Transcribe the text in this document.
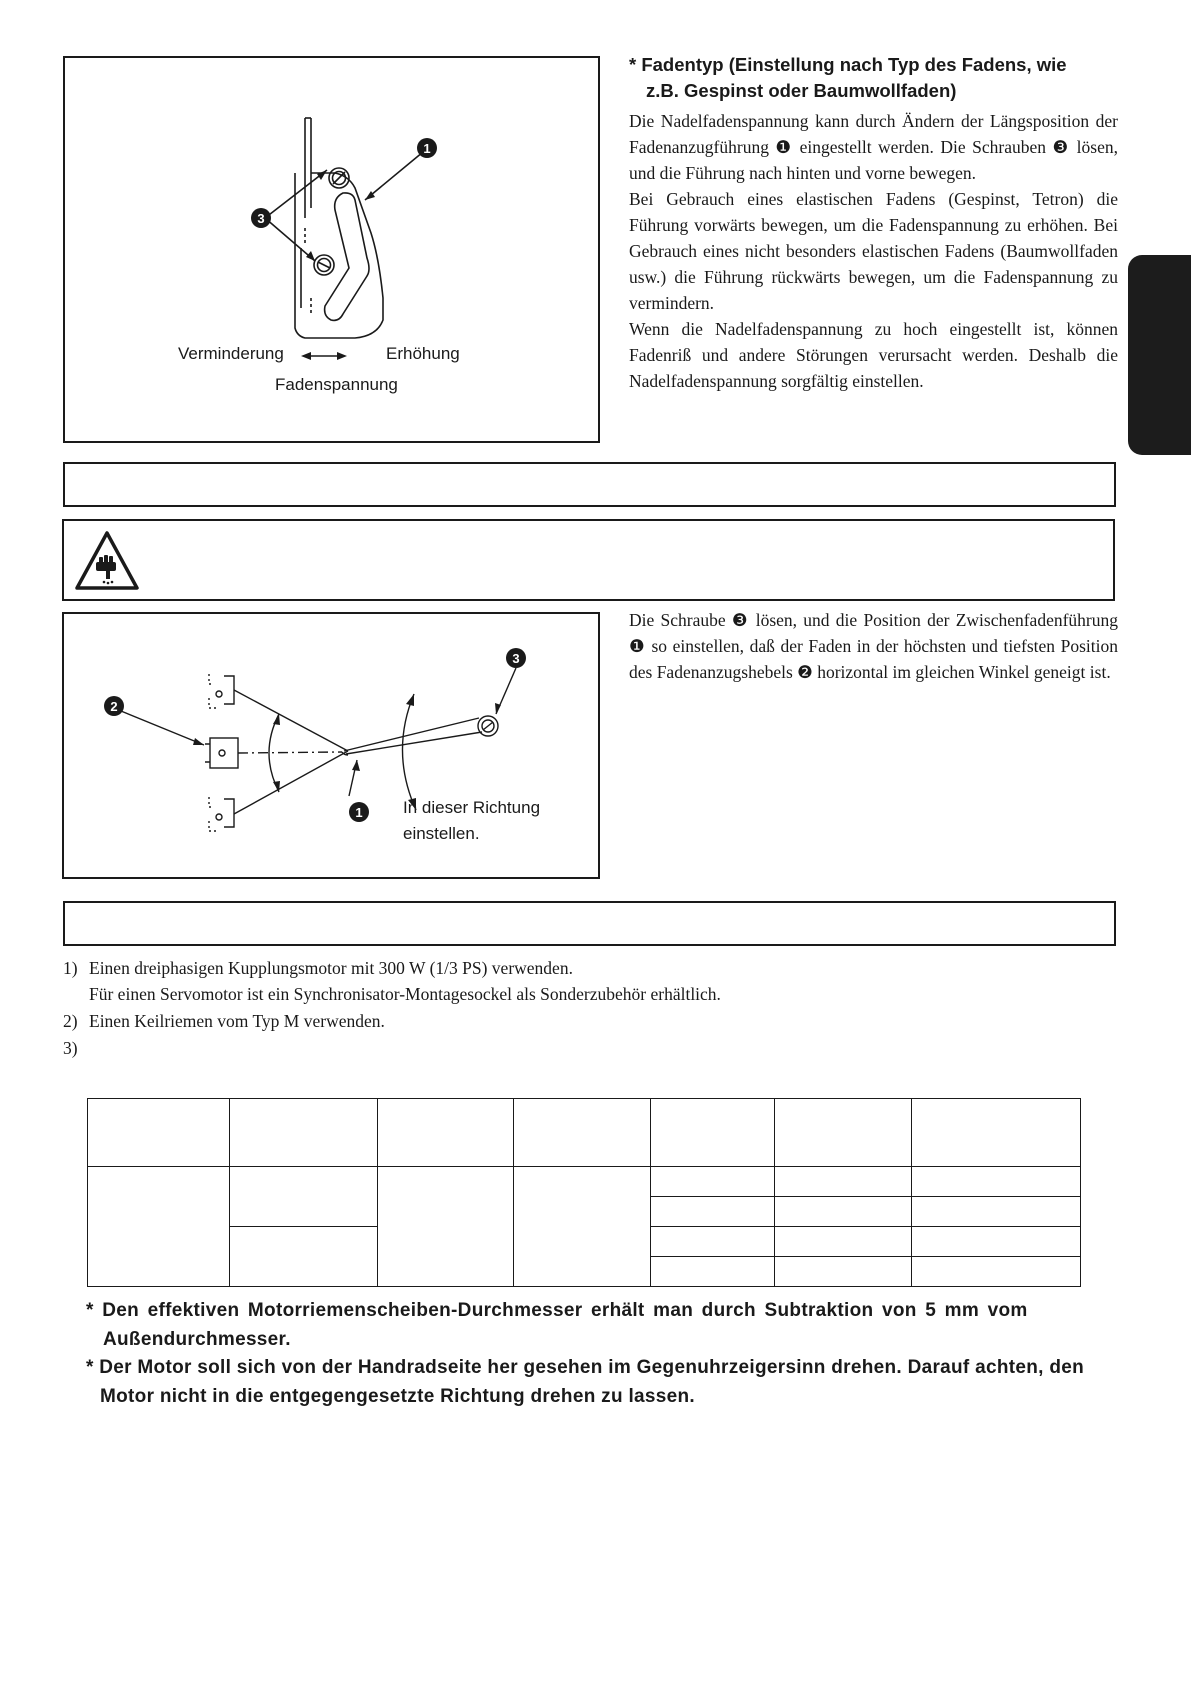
1
3
Verminderung	Erhöhung
Fadenspannung
* Fadentyp (Einstellung nach Typ des Fadens, wie
z.B. Gespinst oder Baumwollfaden)

Die Nadelfadenspannung kann durch Ändern der Längsposition der Fadenanzugführung ❶ eingestellt werden. Die Schrauben ❸ lösen, und die Führung nach hinten und vorne bewegen.

Bei Gebrauch eines elastischen Fadens (Gespinst, Tetron) die Führung vorwärts bewegen, um die Fadenspannung zu erhöhen. Bei Gebrauch eines nicht besonders elastischen Fadens (Baumwollfaden usw.) die Führung rückwärts bewegen, um die Fadenspannung zu vermindern.

Wenn die Nadelfadenspannung zu hoch eingestellt ist, können Fadenriß und andere Störungen verursacht werden. Deshalb die Nadelfadenspannung sorgfältig einstellen.

2
3
1 In dieser Richtung
einstellen.
Die Schraube ❸ lösen, und die Position der Zwischenfadenführung ❶ so einstellen, daß der Faden in der höchsten und tiefsten Position des Fadenanzugshebels ❷ horizontal im gleichen Winkel geneigt ist.
1) Einen dreiphasigen Kupplungsmotor mit 300 W (1/3 PS) verwenden.
Für einen Servomotor ist ein Synchronisator-Montagesockel als Sonderzubehör erhältlich.
2) Einen Keilriemen vom Typ M verwenden.
3)

* Den effektiven Motorriemenscheiben-Durchmesser erhält man durch Subtraktion von 5 mm vom
Außendurchmesser.
* Der Motor soll sich von der Handradseite her gesehen im Gegenuhrzeigersinn drehen. Darauf achten, den
Motor nicht in die entgegengesetzte Richtung drehen zu lassen.
